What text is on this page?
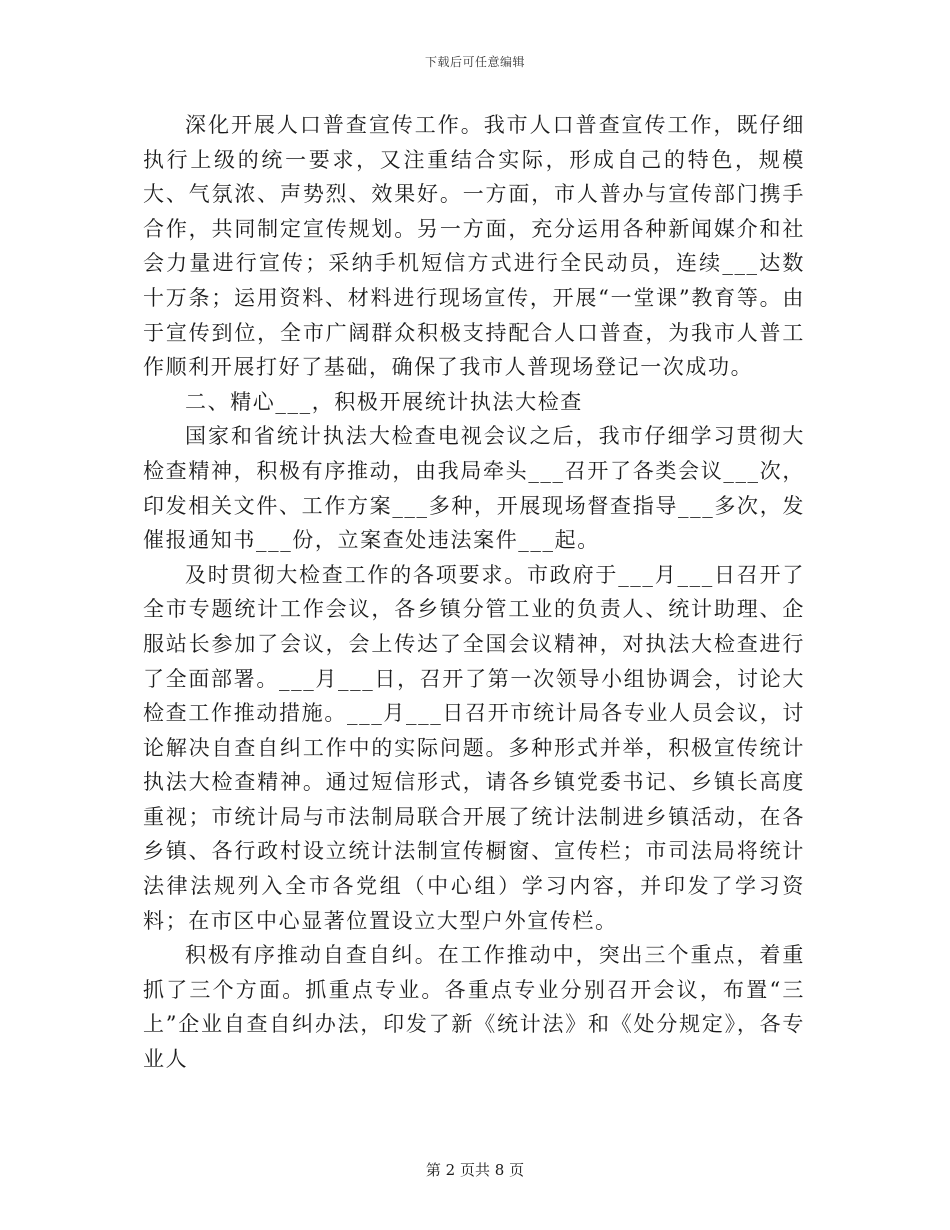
下载后可任意编辑

深化开展人口普查宣传工作。我市人口普查宣传工作，既仔细执行上级的统一要求，又注重结合实际，形成自己的特色，规模大、气氛浓、声势烈、效果好。一方面，市人普办与宣传部门携手合作，共同制定宣传规划。另一方面，充分运用各种新闻媒介和社会力量进行宣传；采纳手机短信方式进行全民动员，连续___达数十万条；运用资料、材料进行现场宣传，开展“一堂课”教育等。由于宣传到位，全市广阔群众积极支持配合人口普查，为我市人普工作顺利开展打好了基础，确保了我市人普现场登记一次成功。

二、精心___，积极开展统计执法大检查

国家和省统计执法大检查电视会议之后，我市仔细学习贯彻大检查精神，积极有序推动，由我局牵头___召开了各类会议___次，印发相关文件、工作方案___多种，开展现场督查指导___多次，发催报通知书___份，立案查处违法案件___起。

及时贯彻大检查工作的各项要求。市政府于___月___日召开了全市专题统计工作会议，各乡镇分管工业的负责人、统计助理、企服站长参加了会议，会上传达了全国会议精神，对执法大检查进行了全面部署。___月___日，召开了第一次领导小组协调会，讨论大检查工作推动措施。___月___日召开市统计局各专业人员会议，讨论解决自查自纠工作中的实际问题。多种形式并举，积极宣传统计执法大检查精神。通过短信形式，请各乡镇党委书记、乡镇长高度重视；市统计局与市法制局联合开展了统计法制进乡镇活动，在各乡镇、各行政村设立统计法制宣传橱窗、宣传栏；市司法局将统计法律法规列入全市各党组（中心组）学习内容，并印发了学习资料；在市区中心显著位置设立大型户外宣传栏。

积极有序推动自查自纠。在工作推动中，突出三个重点，着重抓了三个方面。抓重点专业。各重点专业分别召开会议，布置“三上”企业自查自纠办法，印发了新《统计法》和《处分规定》，各专业人

第 2 页共 8 页
